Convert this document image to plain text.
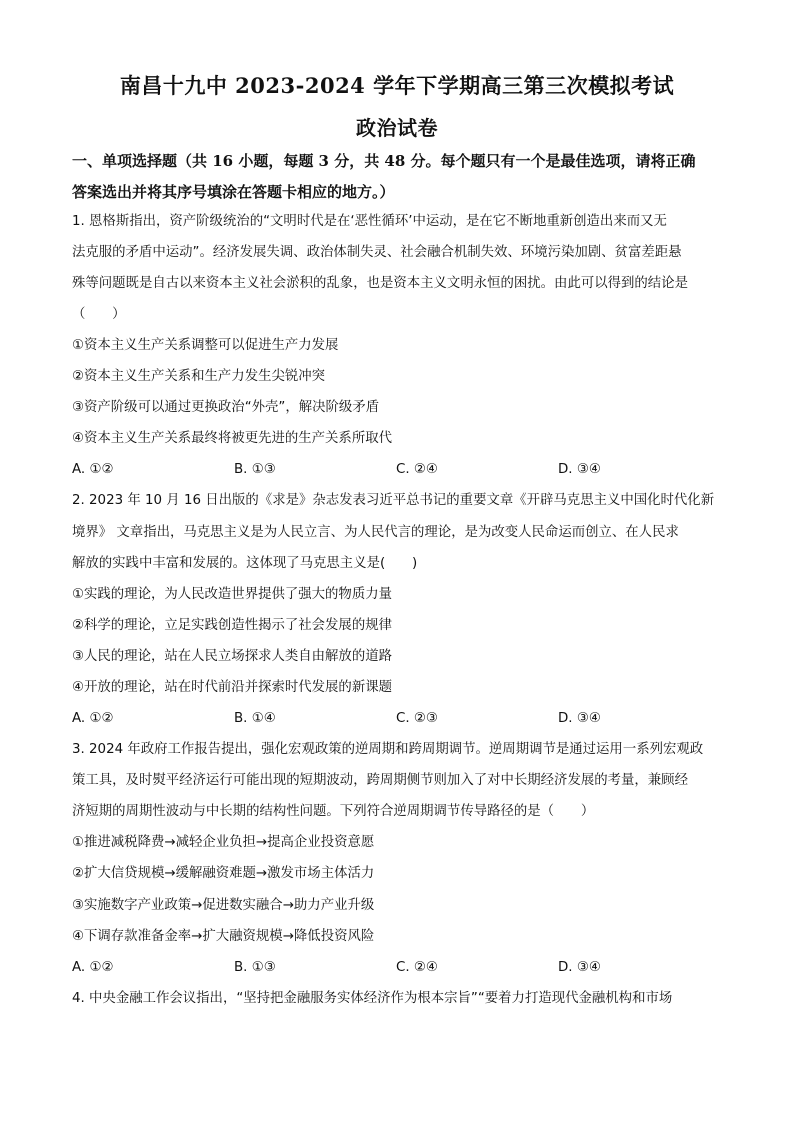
南昌十九中 2023-2024 学年下学期高三第三次模拟考试
政治试卷
一、单项选择题（共 16 小题，每题 3 分，共 48 分。每个题只有一个是最佳选项，请将正确
答案选出并将其序号填涂在答题卡相应的地方。）
1. 恩格斯指出，资产阶级统治的“文明时代是在‘恶性循环’中运动，是在它不断地重新创造出来而又无
法克服的矛盾中运动”。经济发展失调、政治体制失灵、社会融合机制失效、环境污染加剧、贫富差距悬
殊等问题既是自古以来资本主义社会淤积的乱象，也是资本主义文明永恒的困扰。由此可以得到的结论是
（　　）
①资本主义生产关系调整可以促进生产力发展
②资本主义生产关系和生产力发生尖锐冲突
③资产阶级可以通过更换政治“外壳”，解决阶级矛盾
④资本主义生产关系最终将被更先进的生产关系所取代
A. ①②	B. ①③	C. ②④	D. ③④
2. 2023 年 10 月 16 日出版的《求是》杂志发表习近平总书记的重要文章《开辟马克思主义中国化时代化新
境界》 文章指出，马克思主义是为人民立言、为人民代言的理论，是为改变人民命运而创立、在人民求
解放的实践中丰富和发展的。这体现了马克思主义是(　　)
①实践的理论，为人民改造世界提供了强大的物质力量
②科学的理论，立足实践创造性揭示了社会发展的规律
③人民的理论，站在人民立场探求人类自由解放的道路
④开放的理论，站在时代前沿并探索时代发展的新课题
A. ①②	B. ①④	C. ②③	D. ③④
3. 2024 年政府工作报告提出，强化宏观政策的逆周期和跨周期调节。逆周期调节是通过运用一系列宏观政
策工具，及时熨平经济运行可能出现的短期波动，跨周期侧节则加入了对中长期经济发展的考量，兼顾经
济短期的周期性波动与中长期的结构性问题。下列符合逆周期调节传导路径的是（　　）
①推进减税降费→减轻企业负担→提高企业投资意愿
②扩大信贷规模→缓解融资难题→激发市场主体活力
③实施数字产业政策→促进数实融合→助力产业升级
④下调存款准备金率→扩大融资规模→降低投资风险
A. ①②	B. ①③	C. ②④	D. ③④
4. 中央金融工作会议指出，“坚持把金融服务实体经济作为根本宗旨”“要着力打造现代金融机构和市场
